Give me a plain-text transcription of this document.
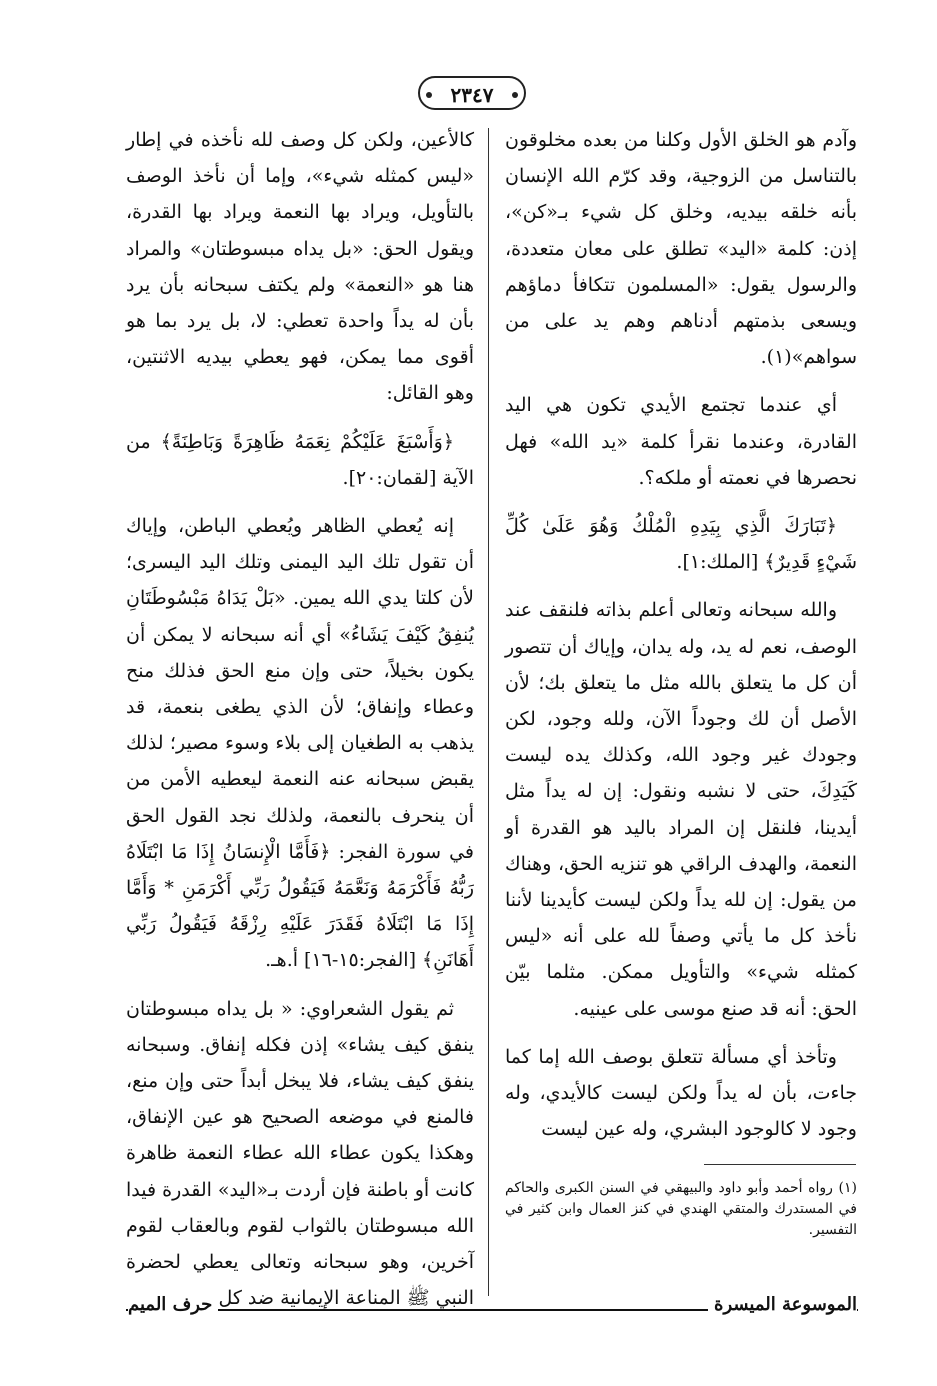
٢٣٤٧

وآدم هو الخلق الأول وكلنا من بعده مخلوقون بالتناسل من الزوجية، وقد كرّم الله الإنسان بأنه خلقه بيديه، وخلق كل شيء بـ«كن»، إذن: كلمة «اليد» تطلق على معان متعددة، والرسول يقول: «المسلمون تتكافأ دماؤهم ويسعى بذمتهم أدناهم وهم يد على من سواهم»(١).

أي عندما تجتمع الأيدي تكون هي اليد القادرة، وعندما نقرأ كلمة «يد الله» فهل نحصرها في نعمته أو ملكه؟.

﴿تَبَارَكَ الَّذِي بِيَدِهِ الْمُلْكُ وَهُوَ عَلَىٰ كُلِّ شَيْءٍ قَدِيرٌ﴾ [الملك:١].

والله سبحانه وتعالى أعلم بذاته فلنقف عند الوصف، نعم له يد، وله يدان، وإياك أن تتصور أن كل ما يتعلق بالله مثل ما يتعلق بك؛ لأن الأصل أن لك وجوداً الآن، ولله وجود، لكن وجودك غير وجود الله، وكذلك يده ليست كَيَدِكَ، حتى لا نشبه ونقول: إن له يداً مثل أيدينا، فلنقل إن المراد باليد هو القدرة أو النعمة، والهدف الراقي هو تنزيه الحق، وهناك من يقول: إن لله يداً ولكن ليست كأيدينا لأننا نأخذ كل ما يأتي وصفاً لله على أنه «ليس كمثله شيء» والتأويل ممكن. مثلما بيّن الحق: أنه قد صنع موسى على عينيه.

وتأخذ أي مسألة تتعلق بوصف الله إما كما جاءت، بأن له يداً ولكن ليست كالأيدي، وله وجود لا كالوجود البشري، وله عين ليست

كالأعين، ولكن كل وصف لله نأخذه في إطار «ليس كمثله شيء»، وإما أن نأخذ الوصف بالتأويل، ويراد بها النعمة ويراد بها القدرة، ويقول الحق: «بل يداه مبسوطتان» والمراد هنا هو «النعمة» ولم يكتف سبحانه بأن يرد بأن له يداً واحدة تعطي: لا، بل يرد بما هو أقوى مما يمكن، فهو يعطي بيديه الاثنتين، وهو القائل:

﴿وَأَسْبَغَ عَلَيْكُمْ نِعَمَهُ ظَاهِرَةً وَبَاطِنَةً﴾ من الآية [لقمان:٢٠].

إنه يُعطي الظاهر ويُعطي الباطن، وإياك أن تقول تلك اليد اليمنى وتلك اليد اليسرى؛ لأن كلتا يدي الله يمين. «بَلْ يَدَاهُ مَبْسُوطَتَانِ يُنفِقُ كَيْفَ يَشَاءُ» أي أنه سبحانه لا يمكن أن يكون بخيلاً، حتى وإن منع الحق فذلك منح وعطاء وإنفاق؛ لأن الذي يطغى بنعمة، قد يذهب به الطغيان إلى بلاء وسوء مصير؛ لذلك يقبض سبحانه عنه النعمة ليعطيه الأمن من أن ينحرف بالنعمة، ولذلك نجد القول الحق في سورة الفجر: ﴿فَأَمَّا الْإِنسَانُ إِذَا مَا ابْتَلَاهُ رَبُّهُ فَأَكْرَمَهُ وَنَعَّمَهُ فَيَقُولُ رَبِّي أَكْرَمَنِ * وَأَمَّا إِذَا مَا ابْتَلَاهُ فَقَدَرَ عَلَيْهِ رِزْقَهُ فَيَقُولُ رَبِّي أَهَانَنِ﴾ [الفجر:١٥-١٦] أ.هـ.

ثم يقول الشعراوي: « بل يداه مبسوطتان ينفق كيف يشاء» إذن فكله إنفاق. وسبحانه ينفق كيف يشاء، فلا يبخل أبداً حتى وإن منع، فالمنع في موضعه الصحيح هو عين الإنفاق، وهكذا يكون عطاء الله عطاء النعمة ظاهرة كانت أو باطنة فإن أردت بـ«اليد» القدرة فيدا الله مبسوطتان بالثواب لقوم وبالعقاب لقوم آخرين، وهو سبحانه وتعالى يعطي لحضرة النبي ﷺ المناعة الإيمانية ضد كل

(١) رواه أحمد وأبو داود والبيهقي في السنن الكبرى والحاكم في المستدرك والمتقي الهندي في كنز العمال وابن كثير في التفسير.
الموسوعة الميسرة
حرف الميم
